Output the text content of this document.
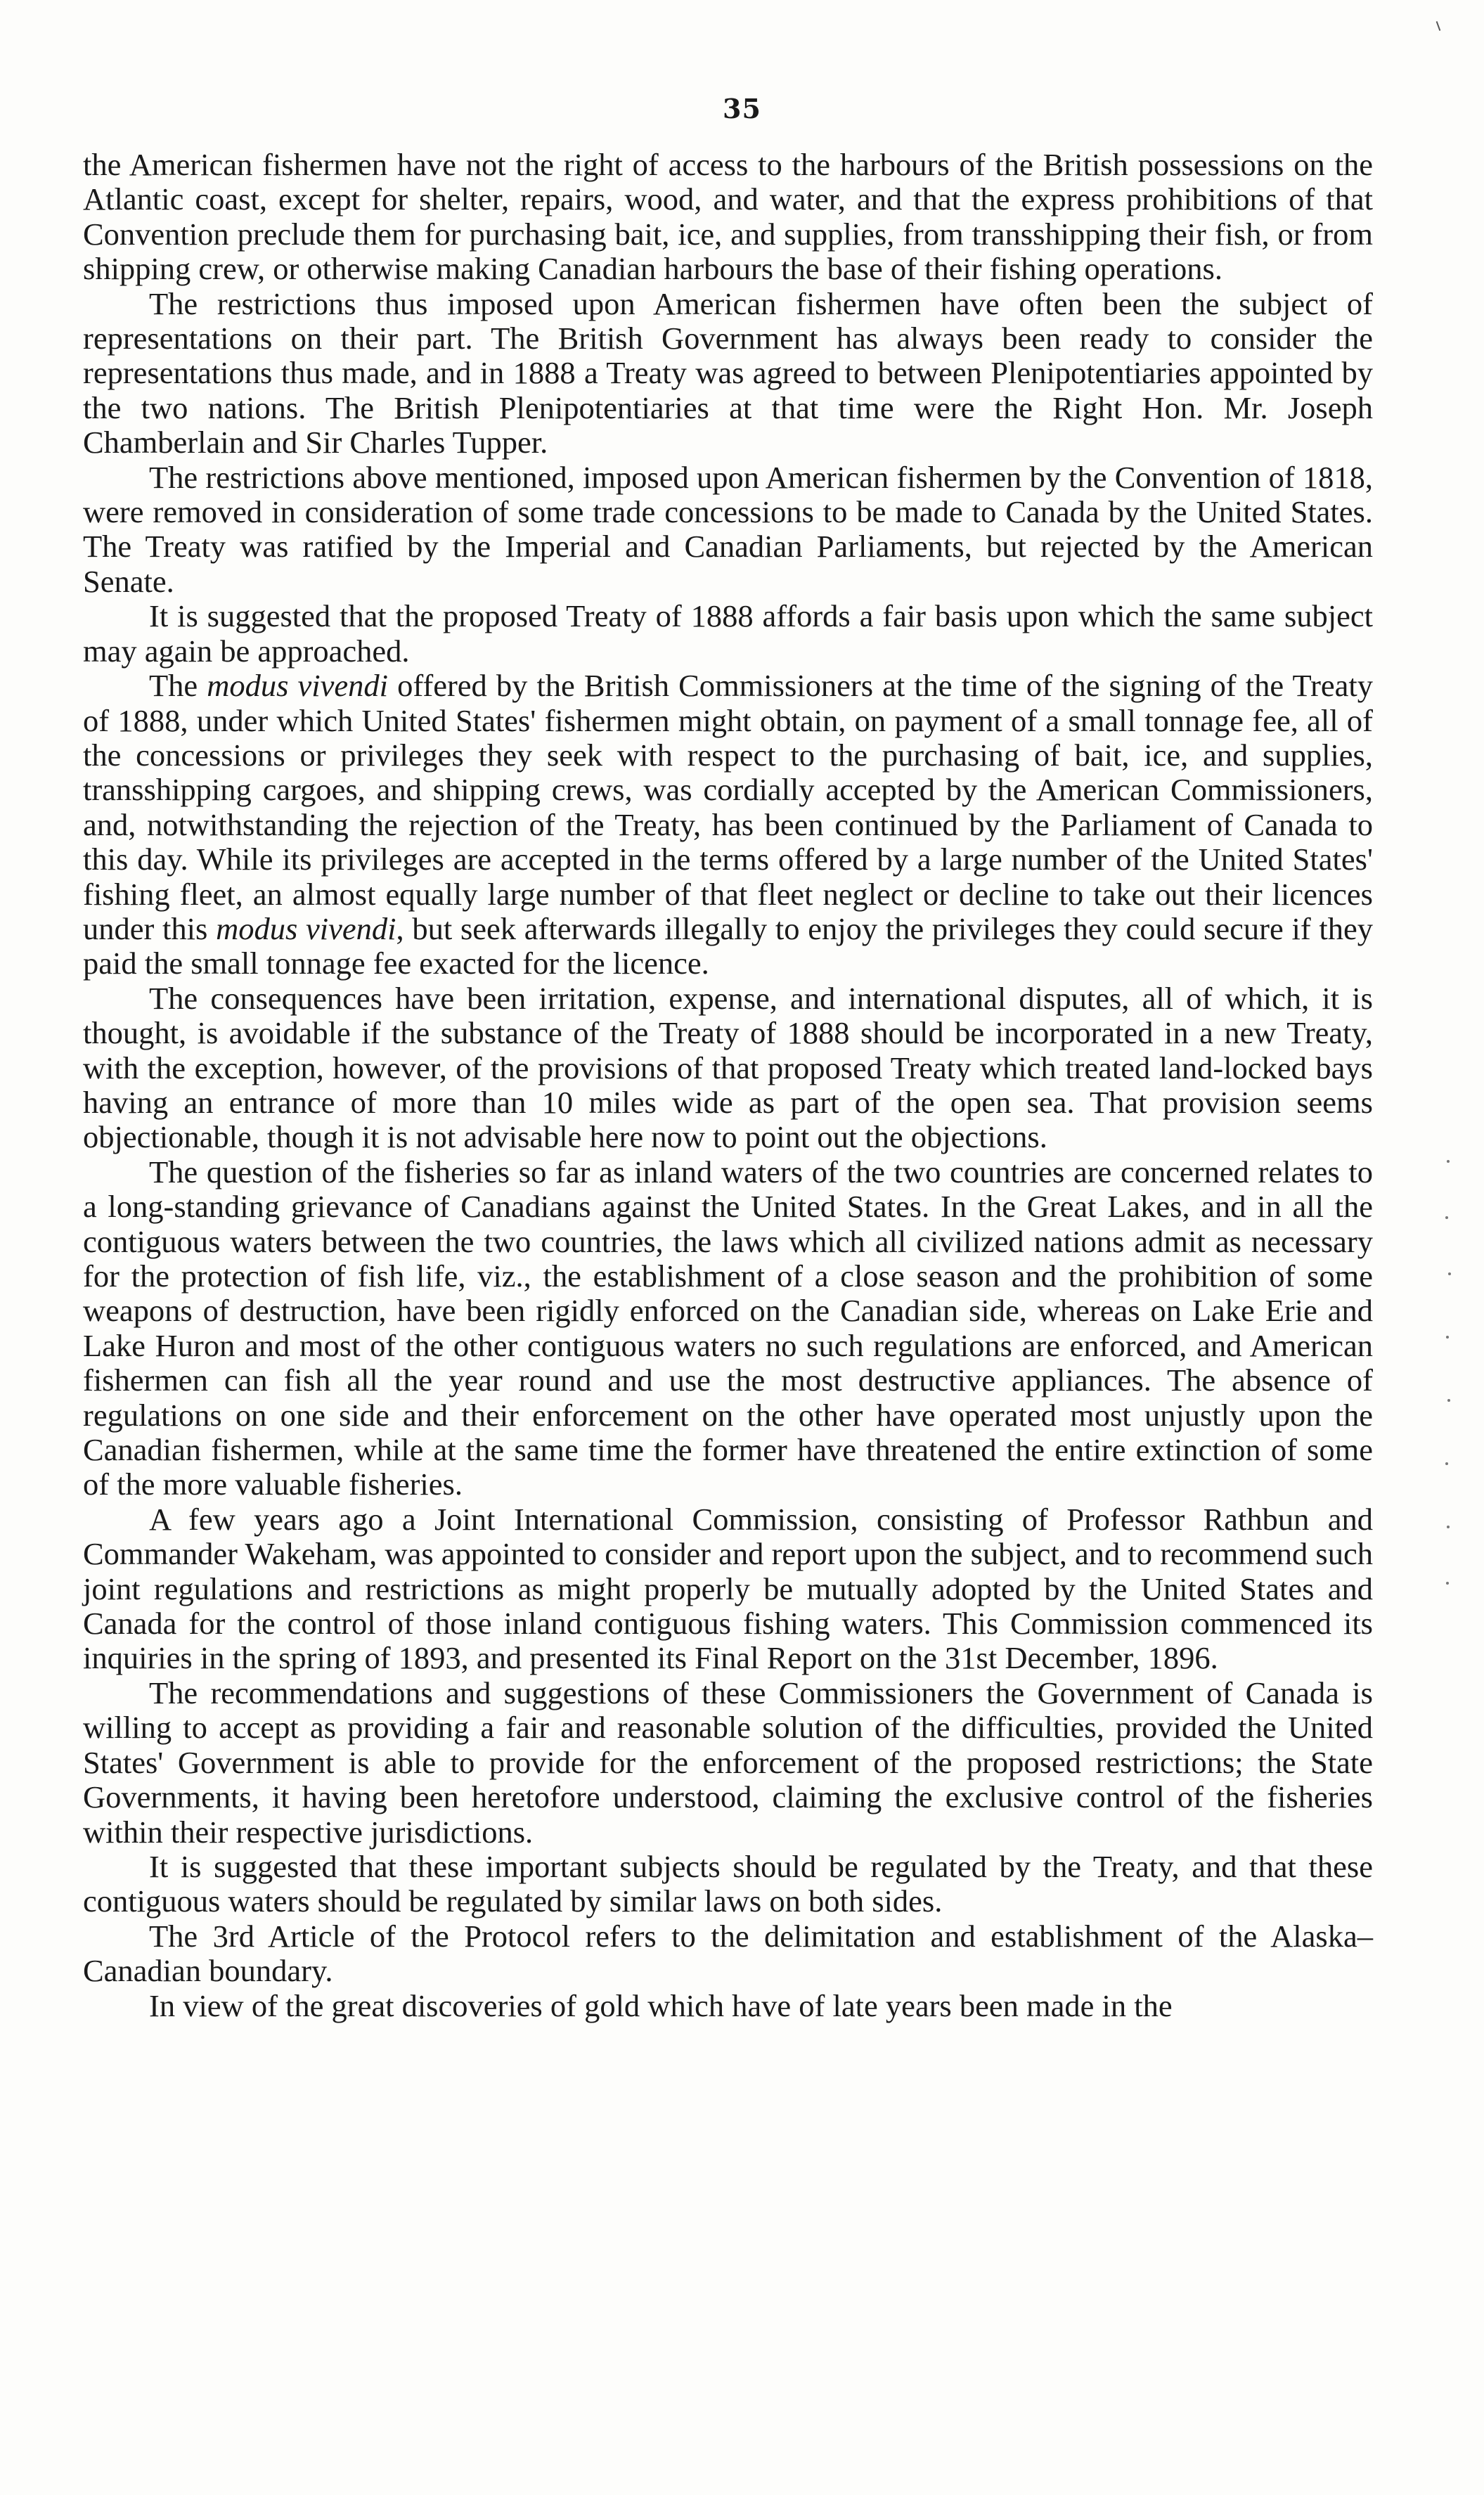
35

the American fishermen have not the right of access to the harbours of the British possessions on the Atlantic coast, except for shelter, repairs, wood, and water, and that the express prohibitions of that Convention preclude them for purchasing bait, ice, and supplies, from transshipping their fish, or from shipping crew, or otherwise making Canadian harbours the base of their fishing operations.

The restrictions thus imposed upon American fishermen have often been the subject of representations on their part. The British Government has always been ready to consider the representations thus made, and in 1888 a Treaty was agreed to between Plenipotentiaries appointed by the two nations. The British Plenipotentiaries at that time were the Right Hon. Mr. Joseph Chamberlain and Sir Charles Tupper.

The restrictions above mentioned, imposed upon American fishermen by the Convention of 1818, were removed in consideration of some trade concessions to be made to Canada by the United States. The Treaty was ratified by the Imperial and Canadian Parliaments, but rejected by the American Senate.

It is suggested that the proposed Treaty of 1888 affords a fair basis upon which the same subject may again be approached.

The modus vivendi offered by the British Commissioners at the time of the signing of the Treaty of 1888, under which United States' fishermen might obtain, on payment of a small tonnage fee, all of the concessions or privileges they seek with respect to the purchasing of bait, ice, and supplies, transshipping cargoes, and shipping crews, was cordially accepted by the American Commissioners, and, notwithstanding the rejection of the Treaty, has been continued by the Parliament of Canada to this day. While its privileges are accepted in the terms offered by a large number of the United States' fishing fleet, an almost equally large number of that fleet neglect or decline to take out their licences under this modus vivendi, but seek afterwards illegally to enjoy the privileges they could secure if they paid the small tonnage fee exacted for the licence.

The consequences have been irritation, expense, and international disputes, all of which, it is thought, is avoidable if the substance of the Treaty of 1888 should be incorporated in a new Treaty, with the exception, however, of the provisions of that proposed Treaty which treated land-locked bays having an entrance of more than 10 miles wide as part of the open sea. That provision seems objectionable, though it is not advisable here now to point out the objections.

The question of the fisheries so far as inland waters of the two countries are concerned relates to a long-standing grievance of Canadians against the United States. In the Great Lakes, and in all the contiguous waters between the two countries, the laws which all civilized nations admit as necessary for the protection of fish life, viz., the establishment of a close season and the prohibition of some weapons of destruction, have been rigidly enforced on the Canadian side, whereas on Lake Erie and Lake Huron and most of the other contiguous waters no such regulations are enforced, and American fishermen can fish all the year round and use the most destructive appliances. The absence of regulations on one side and their enforcement on the other have operated most unjustly upon the Canadian fishermen, while at the same time the former have threatened the entire extinction of some of the more valuable fisheries.

A few years ago a Joint International Commission, consisting of Professor Rathbun and Commander Wakeham, was appointed to consider and report upon the subject, and to recommend such joint regulations and restrictions as might properly be mutually adopted by the United States and Canada for the control of those inland contiguous fishing waters. This Commission commenced its inquiries in the spring of 1893, and presented its Final Report on the 31st December, 1896.

The recommendations and suggestions of these Commissioners the Government of Canada is willing to accept as providing a fair and reasonable solution of the difficulties, provided the United States' Government is able to provide for the enforcement of the proposed restrictions; the State Governments, it having been heretofore understood, claiming the exclusive control of the fisheries within their respective jurisdictions.

It is suggested that these important subjects should be regulated by the Treaty, and that these contiguous waters should be regulated by similar laws on both sides.

The 3rd Article of the Protocol refers to the delimitation and establishment of the Alaska–Canadian boundary.

In view of the great discoveries of gold which have of late years been made in the
